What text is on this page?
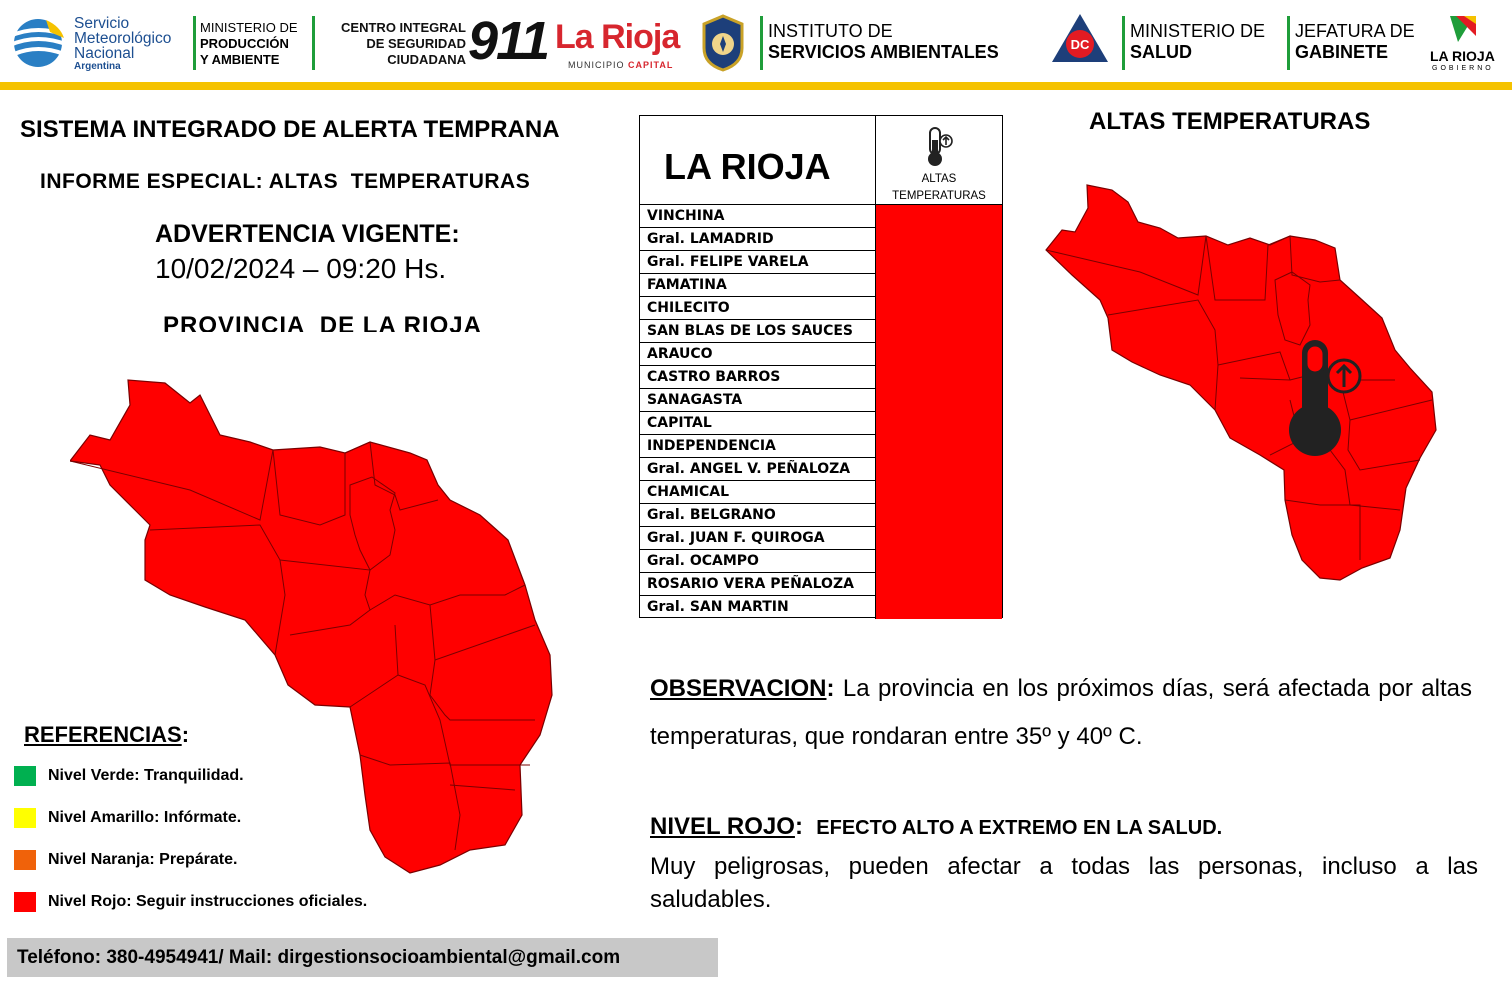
Servicio
Meteorológico
Nacional
Argentina
MINISTERIO DE
PRODUCCIÓN
Y AMBIENTE
CENTRO INTEGRAL
DE SEGURIDAD
CIUDADANA 911 La Rioja
MUNICIPIO CAPITAL
INSTITUTO DE
SERVICIOS AMBIENTALES	DC
MINISTERIO DE
SALUD
JEFATURA DE
GABINETE	LA RIOJA
GOBIERNO
SISTEMA INTEGRADO DE ALERTA TEMPRANA
INFORME ESPECIAL: ALTAS  TEMPERATURAS
ADVERTENCIA VIGENTE:
10/02/2024 – 09:20 Hs.
PROVINCIA  DE LA RIOJA
REFERENCIAS:
Nivel Verde: Tranquilidad.
Nivel Amarillo: Infórmate.
Nivel Naranja: Prepárate.
Nivel Rojo: Seguir instrucciones oficiales.
LA RIOJA	ALTAS TEMPERATURAS
VINCHINA
Gral. LAMADRID
Gral. FELIPE VARELA
FAMATINA
CHILECITO
SAN BLAS DE LOS SAUCES
ARAUCO
CASTRO BARROS
SANAGASTA
CAPITAL
INDEPENDENCIA
Gral. ANGEL V. PEÑALOZA
CHAMICAL
Gral. BELGRANO
Gral. JUAN F. QUIROGA
Gral. OCAMPO
ROSARIO VERA PEÑALOZA
Gral. SAN MARTIN
ALTAS TEMPERATURAS
OBSERVACION: La provincia en los próximos días, será afectada por altas temperaturas, que rondaran entre 35º y 40º C.
NIVEL ROJO:  EFECTO ALTO A EXTREMO EN LA SALUD.
Muy peligrosas, pueden afectar a todas las personas, incluso a las saludables.
Teléfono: 380-4954941/ Mail: dirgestionsocioambiental@gmail.com
